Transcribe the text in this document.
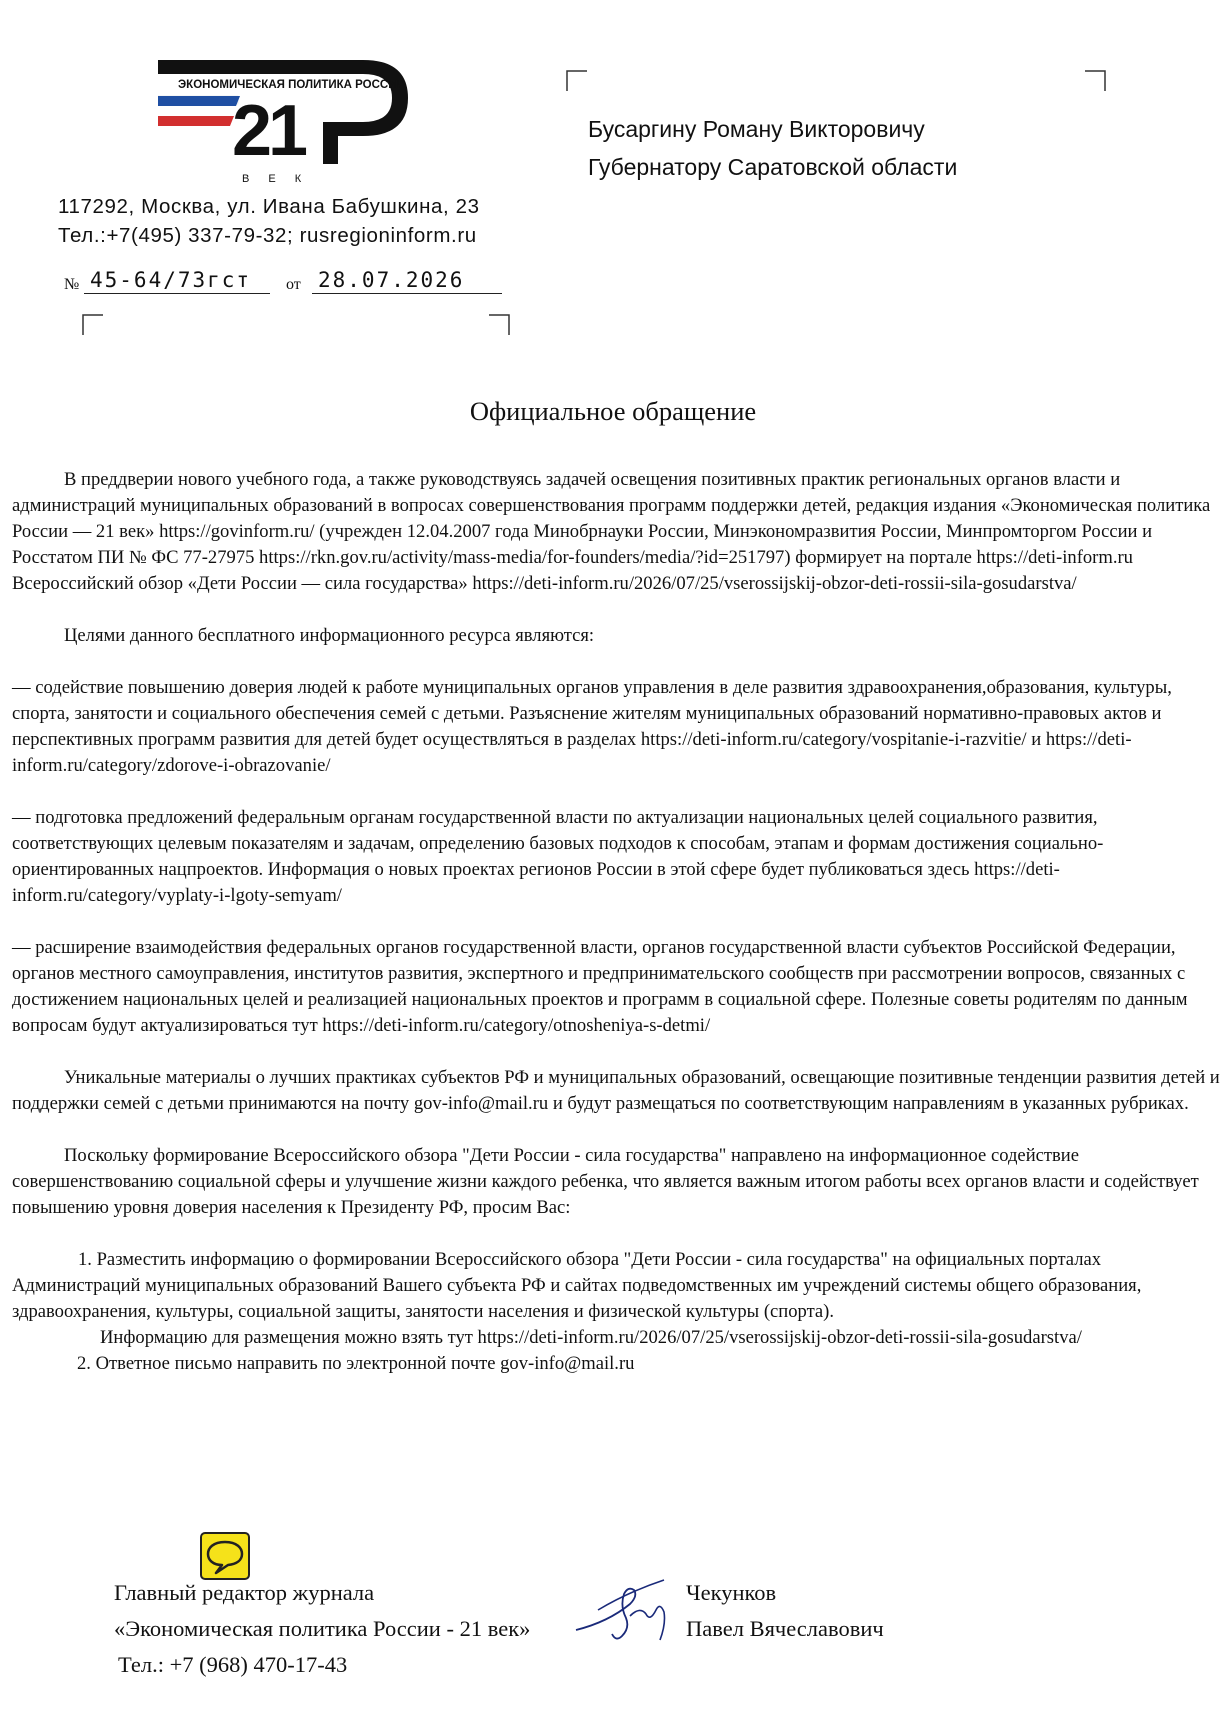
ЭКОНОМИЧЕСКАЯ ПОЛИТИКА РОССИИ
21
В Е К
117292, Москва, ул. Ивана Бабушкина, 23
Тел.:+7(495) 337-79-32; rusregioninform.ru
№ 45-64/73гст	от 28.07.2026
Бусаргину Роману Викторовичу
Губернатору Саратовской области
Официальное обращение

В преддверии нового учебного года, а также руководствуясь задачей освещения позитивных практик региональных органов власти и администраций муниципальных образований в вопросах совершенствования программ поддержки детей, редакция издания «Экономическая политика России — 21 век» https://govinform.ru/ (учрежден 12.04.2007 года Минобрнауки России, Минэкономразвития России, Минпромторгом России и Росстатом ПИ № ФС 77-27975 https://rkn.gov.ru/activity/mass-media/for-founders/media/?id=251797) формирует на портале https://deti-inform.ru Всероссийский обзор «Дети России — сила государства» https://deti-inform.ru/2026/07/25/vserossijskij-obzor-deti-rossii-sila-gosudarstva/

Целями данного бесплатного информационного ресурса являются:

— содействие повышению доверия людей к работе муниципальных органов управления в деле развития здравоохранения,образования, культуры, спорта, занятости и социального обеспечения семей с детьми. Разъяснение жителям муниципальных образований нормативно-правовых актов и перспективных программ развития для детей будет осуществляться в разделах https://deti-inform.ru/category/vospitanie-i-razvitie/ и https://deti-inform.ru/category/zdorove-i-obrazovanie/

— подготовка предложений федеральным органам государственной власти по актуализации национальных целей социального развития, соответствующих целевым показателям и задачам, определению базовых подходов к способам, этапам и формам достижения социально-ориентированных нацпроектов. Информация о новых проектах регионов России в этой сфере будет публиковаться здесь https://deti-inform.ru/category/vyplaty-i-lgoty-semyam/

— расширение взаимодействия федеральных органов государственной власти, органов государственной власти субъектов Российской Федерации, органов местного самоуправления, институтов развития, экспертного и предпринимательского сообществ при рассмотрении вопросов, связанных с достижением национальных целей и реализацией национальных проектов и программ в социальной сфере. Полезные советы родителям по данным вопросам будут актуализироваться тут https://deti-inform.ru/category/otnosheniya-s-detmi/

Уникальные материалы о лучших практиках субъектов РФ и муниципальных образований, освещающие позитивные тенденции развития детей и поддержки семей с детьми принимаются на почту gov-info@mail.ru и будут размещаться по соответствующим направлениям в указанных рубриках.

Поскольку формирование Всероссийского обзора "Дети России - сила государства" направлено на информационное содействие совершенствованию социальной сферы и улучшение жизни каждого ребенка, что является важным итогом работы всех органов власти и содействует повышению уровня доверия населения к Президенту РФ, просим Вас:

1. Разместить информацию о формировании Всероссийского обзора "Дети России - сила государства" на официальных порталах Администраций муниципальных образований Вашего субъекта РФ и сайтах подведомственных им учреждений системы общего образования, здравоохранения, культуры, социальной защиты, занятости населения и физической культуры (спорта).

Информацию для размещения можно взять тут https://deti-inform.ru/2026/07/25/vserossijskij-obzor-deti-rossii-sila-gosudarstva/

2. Ответное письмо направить по электронной почте gov-info@mail.ru

Главный редактор журнала
«Экономическая политика России - 21 век»
Тел.: +7 (968) 470-17-43
Чекунков
Павел Вячеславович
